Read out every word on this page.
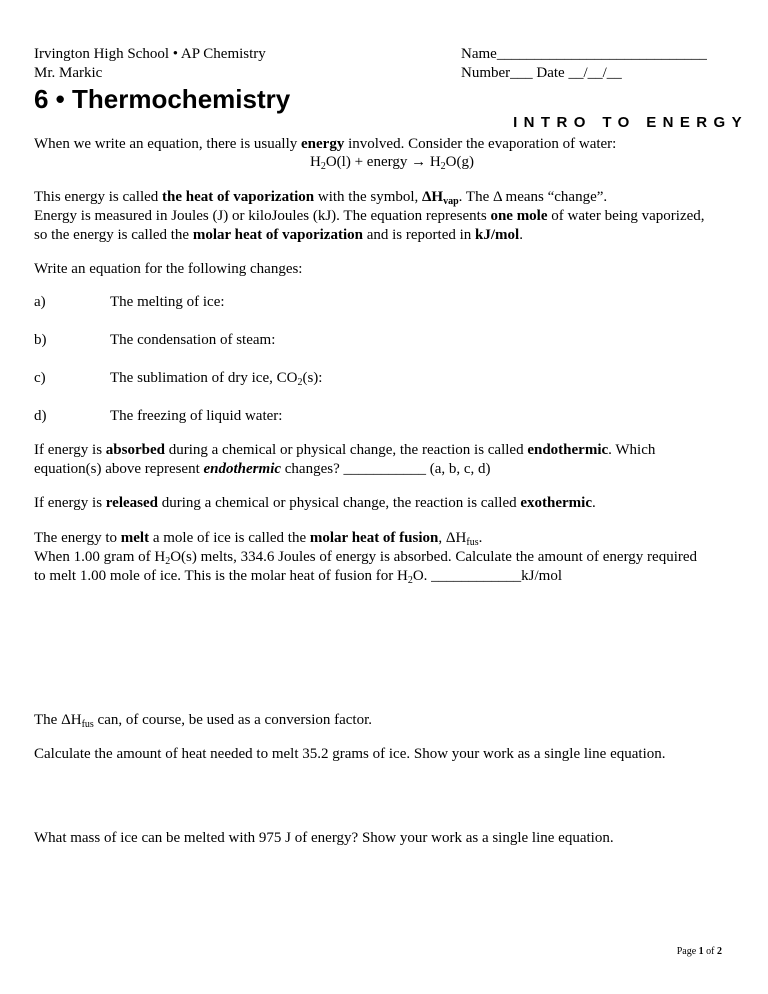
Irvington High School • AP Chemistry
Mr. Markic
Name____________________________
Number___ Date __/__/__
6 • Thermochemistry
INTRO TO ENERGY
When we write an equation, there is usually energy involved. Consider the evaporation of water:
$H_2O(l)$ + energy → $H_2O(g)$
This energy is called the heat of vaporization with the symbol, $\Delta H_{vap}$. The Δ means “change”.
Energy is measured in Joules (J) or kiloJoules (kJ). The equation represents one mole of water being vaporized,
so the energy is called the molar heat of vaporization and is reported in kJ/mol.
Write an equation for the following changes:
a)	The melting of ice:
b)	The condensation of steam:
c)	The sublimation of dry ice, $CO_2(s)$:
d)	The freezing of liquid water:
If energy is absorbed during a chemical or physical change, the reaction is called endothermic. Which
equation(s) above represent endothermic changes? ___________ (a, b, c, d)
If energy is released during a chemical or physical change, the reaction is called exothermic.
The energy to melt a mole of ice is called the molar heat of fusion, $\Delta H_{fus}$.
When 1.00 gram of $H_2O(s)$ melts, 334.6 Joules of energy is absorbed. Calculate the amount of energy required
to melt 1.00 mole of ice. This is the molar heat of fusion for $H_2O$. ____________kJ/mol
The $\Delta H_{fus}$ can, of course, be used as a conversion factor.
Calculate the amount of heat needed to melt 35.2 grams of ice. Show your work as a single line equation.
What mass of ice can be melted with 975 J of energy? Show your work as a single line equation.
Page 1 of 2
